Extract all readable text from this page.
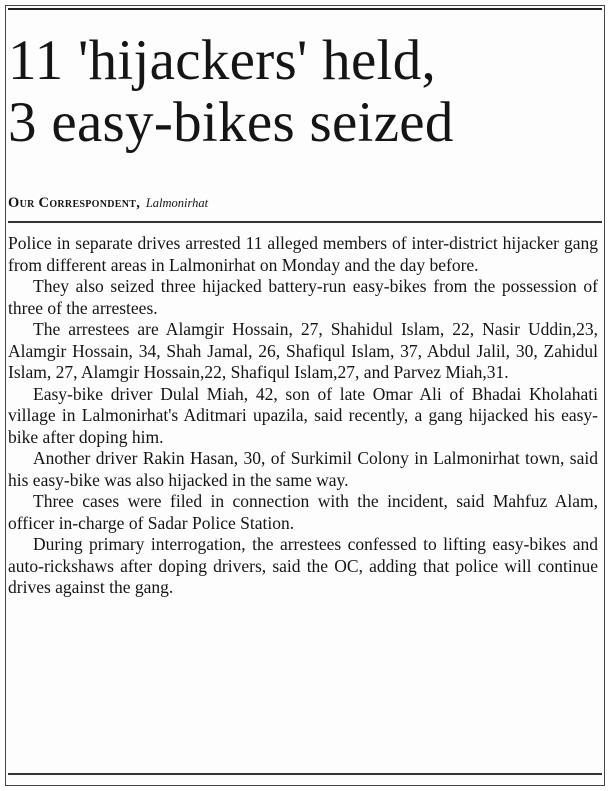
11 'hijackers' held,
3 easy-bikes seized
Our Correspondent, Lalmonirhat

Police in separate drives arrested 11 alleged members of inter-district hijacker gang from different areas in Lalmonirhat on Monday and the day before.

They also seized three hijacked battery-run easy-bikes from the possession of three of the arrestees.

The arrestees are Alamgir Hossain, 27, Shahidul Islam, 22, Nasir Uddin,23, Alamgir Hossain, 34, Shah Jamal, 26, Shafiqul Islam, 37, Abdul Jalil, 30, Zahidul Islam, 27, Alamgir Hossain,22, Shafiqul Islam,27, and Parvez Miah,31.

Easy-bike driver Dulal Miah, 42, son of late Omar Ali of Bhadai Kholahati village in Lalmonirhat's Aditmari upazila, said recently, a gang hijacked his easy-bike after doping him.

Another driver Rakin Hasan, 30, of Surkimil Colony in Lalmonirhat town, said his easy-bike was also hijacked in the same way.

Three cases were filed in connection with the incident, said Mahfuz Alam, officer in-charge of Sadar Police Station.

During primary interrogation, the arrestees confessed to lifting easy-bikes and auto-rickshaws after doping drivers, said the OC, adding that police will continue drives against the gang.
